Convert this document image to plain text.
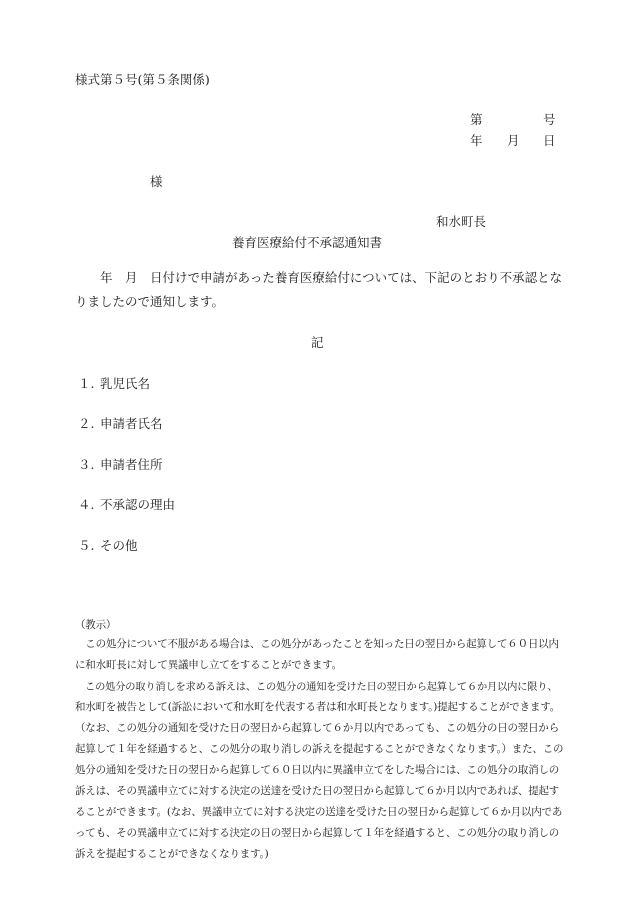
様式第５号(第５条関係)
第	号
年 月 日
様
和水町長
養育医療給付不承認通知書
　　年　月　日付けで申請があった養育医療給付については、下記のとおり不承認とな
りましたので通知します。
記
１. 乳児氏名
２. 申請者氏名
３. 申請者住所
４. 不承認の理由
５. その他
（教示）
　この処分について不服がある場合は、この処分があったことを知った日の翌日から起算して６０日以内
に和水町長に対して異議申し立てをすることができます。
　この処分の取り消しを求める訴えは、この処分の通知を受けた日の翌日から起算して６か月以内に限り、
和水町を被告として(訴訟において和水町を代表する者は和水町長となります。)提起することができます。
（なお、この処分の通知を受けた日の翌日から起算して６か月以内であっても、この処分の日の翌日から
起算して１年を経過すると、この処分の取り消しの訴えを提起することができなくなります。）また、この
処分の通知を受けた日の翌日から起算して６０日以内に異議申立てをした場合には、この処分の取消しの
訴えは、その異議申立てに対する決定の送達を受けた日の翌日から起算して６か月以内であれば、提起す
ることができます。(なお、異議申立てに対する決定の送達を受けた日の翌日から起算して６か月以内であ
っても、その異議申立てに対する決定の日の翌日から起算して１年を経過すると、この処分の取り消しの
訴えを提起することができなくなります。)
